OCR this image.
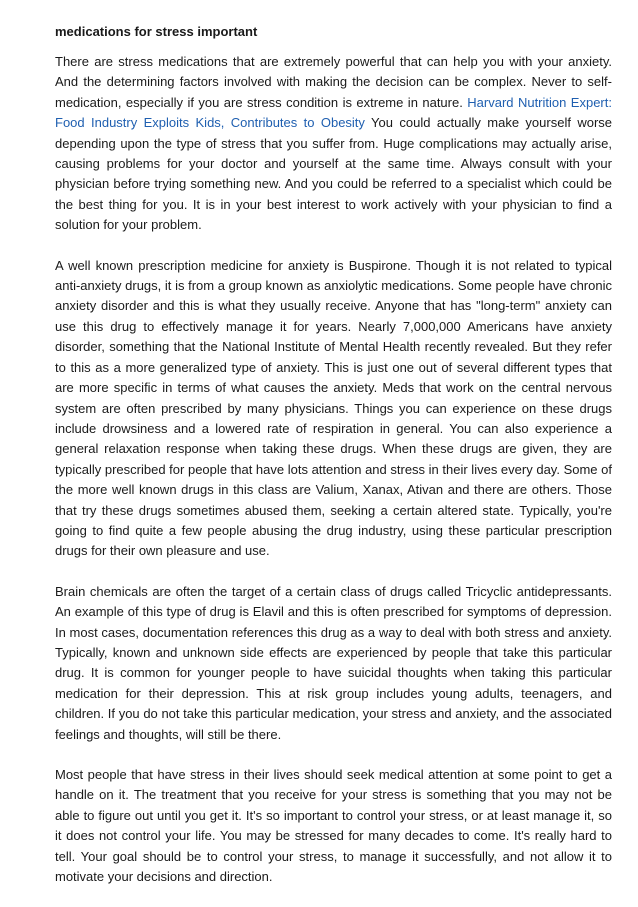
medications for stress important

There are stress medications that are extremely powerful that can help you with your anxiety. And the determining factors involved with making the decision can be complex. Never to self-medication, especially if you are stress condition is extreme in nature. Harvard Nutrition Expert: Food Industry Exploits Kids, Contributes to Obesity You could actually make yourself worse depending upon the type of stress that you suffer from. Huge complications may actually arise, causing problems for your doctor and yourself at the same time. Always consult with your physician before trying something new. And you could be referred to a specialist which could be the best thing for you. It is in your best interest to work actively with your physician to find a solution for your problem.

A well known prescription medicine for anxiety is Buspirone. Though it is not related to typical anti-anxiety drugs, it is from a group known as anxiolytic medications. Some people have chronic anxiety disorder and this is what they usually receive. Anyone that has "long-term" anxiety can use this drug to effectively manage it for years. Nearly 7,000,000 Americans have anxiety disorder, something that the National Institute of Mental Health recently revealed. But they refer to this as a more generalized type of anxiety. This is just one out of several different types that are more specific in terms of what causes the anxiety. Meds that work on the central nervous system are often prescribed by many physicians. Things you can experience on these drugs include drowsiness and a lowered rate of respiration in general. You can also experience a general relaxation response when taking these drugs. When these drugs are given, they are typically prescribed for people that have lots attention and stress in their lives every day. Some of the more well known drugs in this class are Valium, Xanax, Ativan and there are others. Those that try these drugs sometimes abused them, seeking a certain altered state. Typically, you're going to find quite a few people abusing the drug industry, using these particular prescription drugs for their own pleasure and use.

Brain chemicals are often the target of a certain class of drugs called Tricyclic antidepressants. An example of this type of drug is Elavil and this is often prescribed for symptoms of depression. In most cases, documentation references this drug as a way to deal with both stress and anxiety. Typically, known and unknown side effects are experienced by people that take this particular drug. It is common for younger people to have suicidal thoughts when taking this particular medication for their depression. This at risk group includes young adults, teenagers, and children. If you do not take this particular medication, your stress and anxiety, and the associated feelings and thoughts, will still be there.

Most people that have stress in their lives should seek medical attention at some point to get a handle on it. The treatment that you receive for your stress is something that you may not be able to figure out until you get it. It's so important to control your stress, or at least manage it, so it does not control your life. You may be stressed for many decades to come. It's really hard to tell. Your goal should be to control your stress, to manage it successfully, and not allow it to motivate your decisions and direction.
